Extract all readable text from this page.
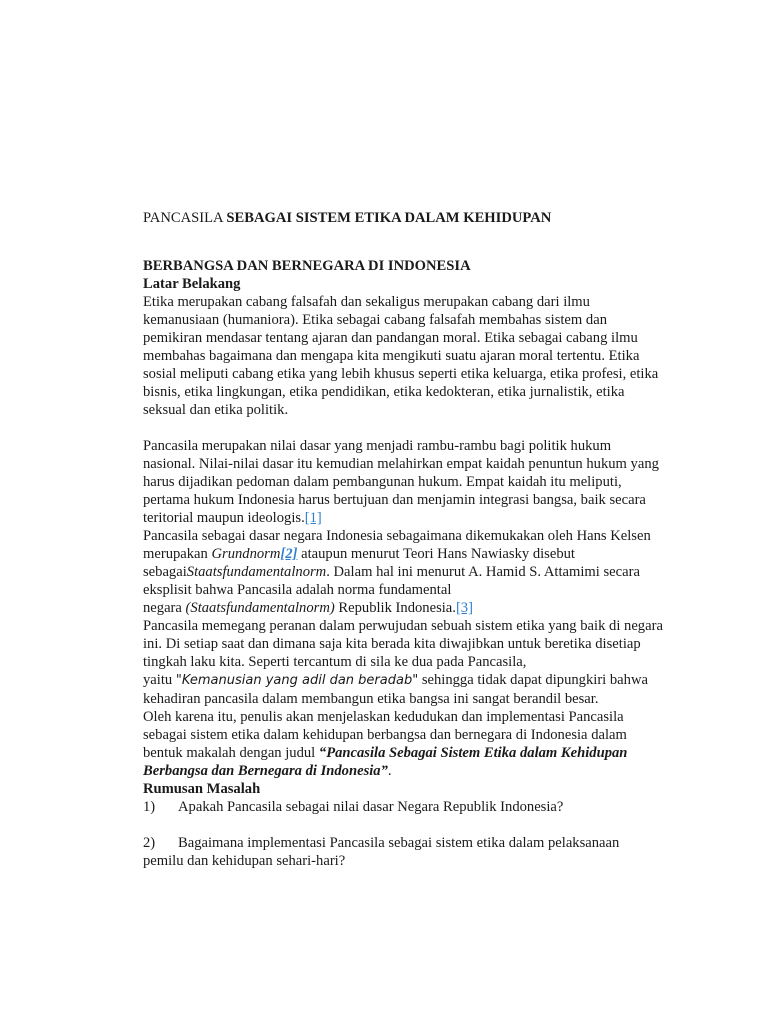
PANCASILA SEBAGAI SISTEM ETIKA DALAM KEHIDUPAN

BERBANGSA DAN BERNEGARA DI INDONESIA

Latar Belakang

Etika merupakan cabang falsafah dan sekaligus merupakan cabang dari ilmu kemanusiaan (humaniora). Etika sebagai cabang falsafah membahas sistem dan pemikiran mendasar tentang ajaran dan pandangan moral. Etika sebagai cabang ilmu membahas bagaimana dan mengapa kita mengikuti suatu ajaran moral tertentu. Etika sosial meliputi cabang etika yang lebih khusus seperti etika keluarga, etika profesi, etika bisnis, etika lingkungan, etika pendidikan, etika kedokteran, etika jurnalistik, etika seksual dan etika politik.

Pancasila merupakan nilai dasar yang menjadi rambu-rambu bagi politik hukum nasional. Nilai-nilai dasar itu kemudian melahirkan empat kaidah penuntun hukum yang harus dijadikan pedoman dalam pembangunan hukum. Empat kaidah itu meliputi, pertama hukum Indonesia harus bertujuan dan menjamin integrasi bangsa, baik secara teritorial maupun ideologis.[1]

Pancasila sebagai dasar negara Indonesia sebagaimana dikemukakan oleh Hans Kelsen merupakan Grundnorm[2] ataupun menurut Teori Hans Nawiasky disebut sebagaiStaatsfundamentalnorm. Dalam hal ini menurut A. Hamid S. Attamimi secara eksplisit bahwa Pancasila adalah norma fundamental
negara (Staatsfundamentalnorm) Republik Indonesia.[3]

Pancasila memegang peranan dalam perwujudan sebuah sistem etika yang baik di negara ini. Di setiap saat dan dimana saja kita berada kita diwajibkan untuk beretika disetiap tingkah laku kita. Seperti tercantum di sila ke dua pada Pancasila,
yaitu "Kemanusian yang adil dan beradab" sehingga tidak dapat dipungkiri bahwa kehadiran pancasila dalam membangun etika bangsa ini sangat berandil besar.

Oleh karena itu, penulis akan menjelaskan kedudukan dan implementasi Pancasila sebagai sistem etika dalam kehidupan berbangsa dan bernegara di Indonesia dalam bentuk makalah dengan judul “Pancasila Sebagai Sistem Etika dalam Kehidupan Berbangsa dan Bernegara di Indonesia”.

Rumusan Masalah

1)	Apakah Pancasila sebagai nilai dasar Negara Republik Indonesia?
2) Bagaimana implementasi Pancasila sebagai sistem etika dalam pelaksanaan pemilu dan kehidupan sehari-hari?
